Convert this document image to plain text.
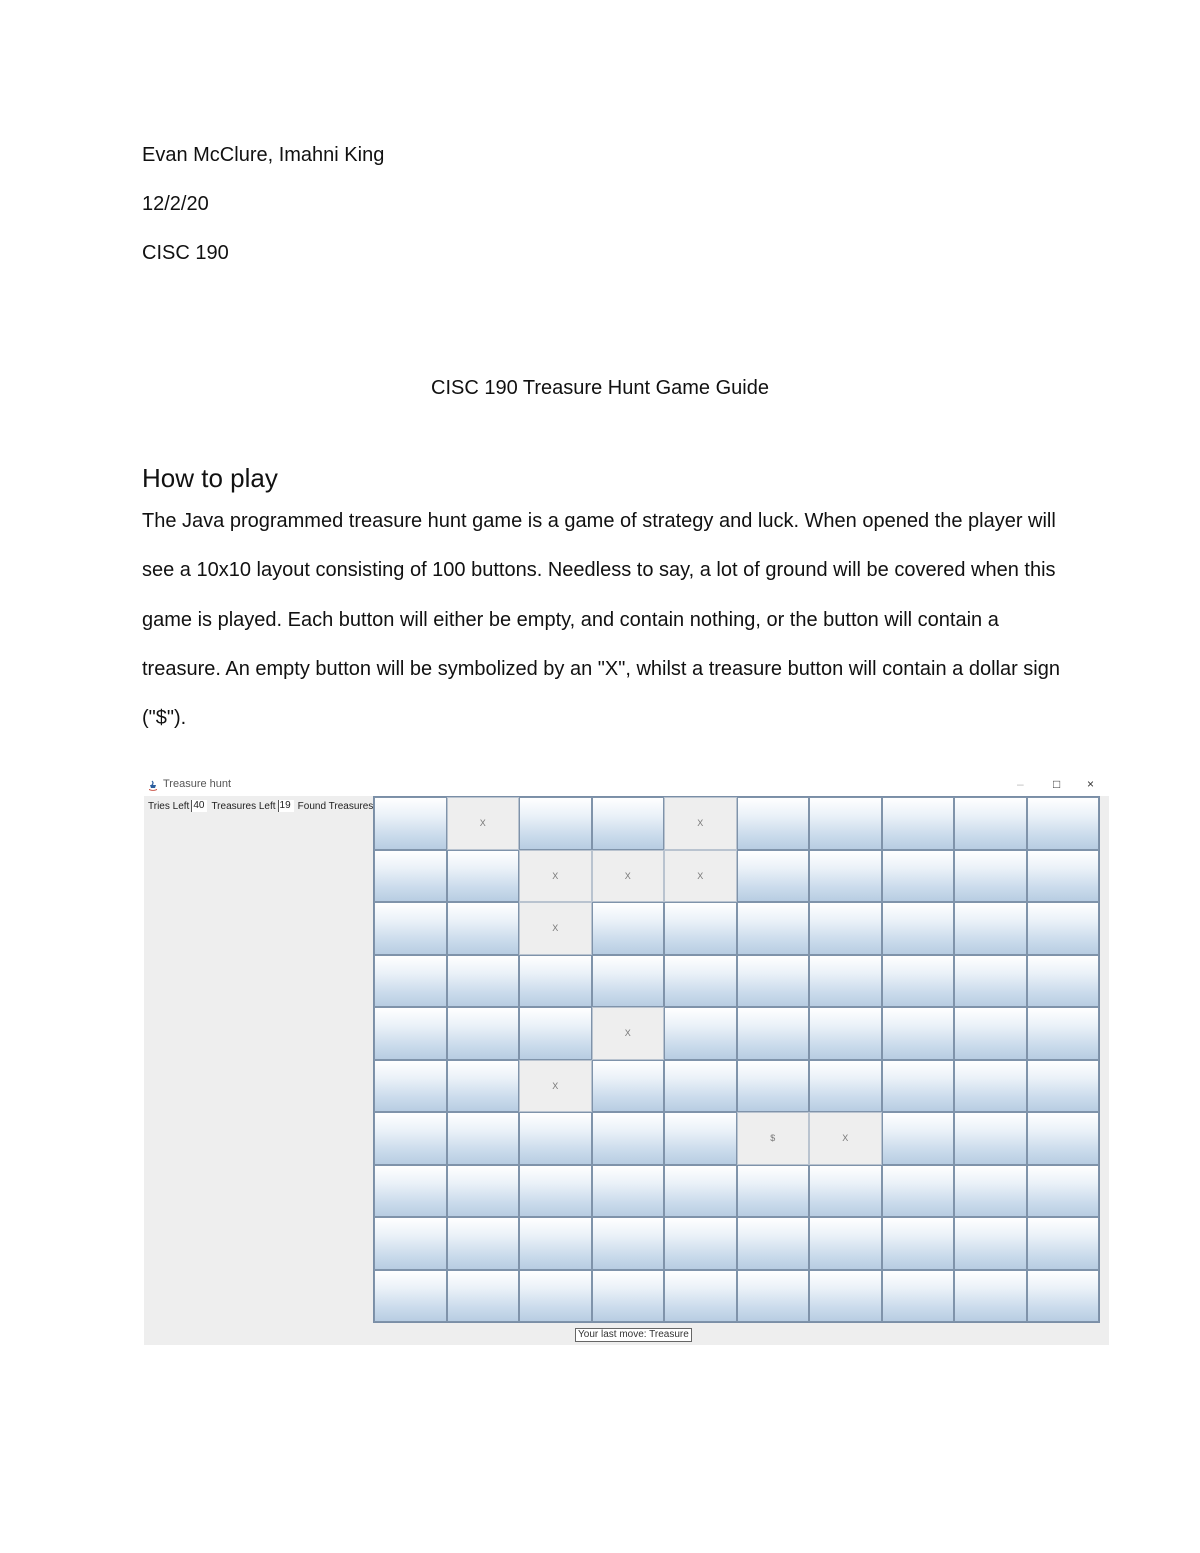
Evan McClure, Imahni King
12/2/20
CISC 190
CISC 190 Treasure Hunt Game Guide
How to play
The Java programmed treasure hunt game is a game of strategy and luck. When opened the player will see a 10x10 layout consisting of 100 buttons. Needless to say, a lot of ground will be covered when this game is played. Each button will either be empty, and contain nothing, or the button will contain a treasure. An empty button will be symbolized by an "X", whilst a treasure button will contain a dollar sign ("$").
Treasure hunt	– □ ×
Tries Left 40 Treasures Left 19 Found Treasures
X	X
X	X	X
X
X
X
$	X
Your last move: Treasure
